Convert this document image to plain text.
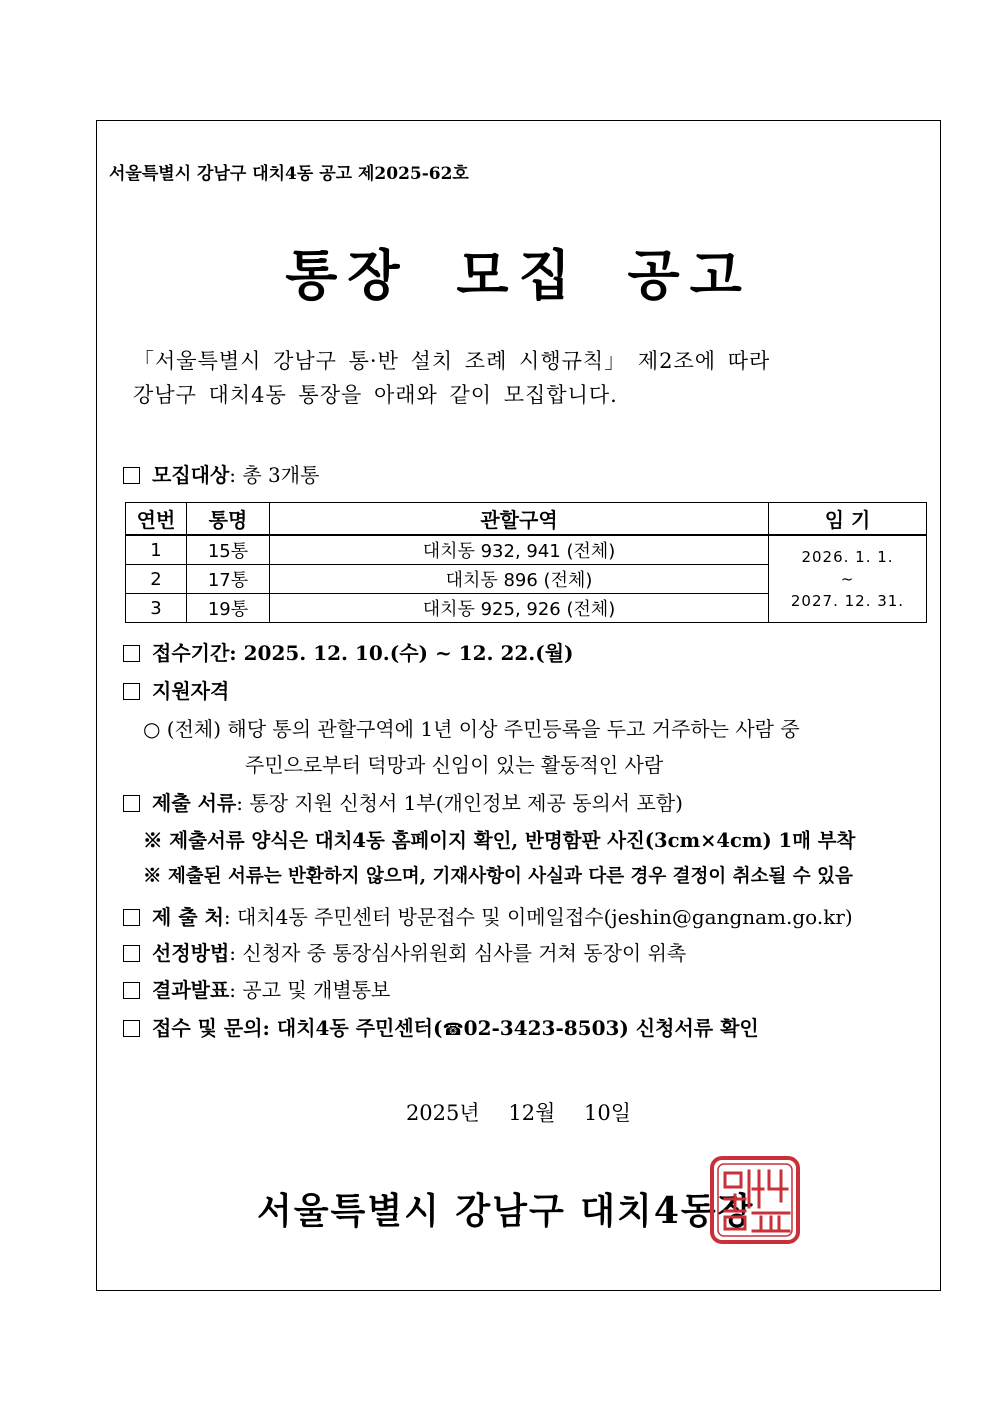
서울특별시 강남구 대치4동 공고 제2025-62호
통장 모집 공고
「서울특별시 강남구 통·반 설치 조례 시행규칙」 제2조에 따라
강남구 대치4동 통장을 아래와 같이 모집합니다.
모집대상: 총 3개통
연번	통명	관할구역	임 기
1	15통	대치동 932, 941 (전체)	2026. 1. 1.
~
2027. 12. 31.

2	17통	대치동 896 (전체)	
3	19통	대치동 925, 926 (전체)	
접수기간: 2025. 12. 10.(수) ~ 12. 22.(월)
지원자격
○ (전체) 해당 통의 관할구역에 1년 이상 주민등록을 두고 거주하는 사람 중
주민으로부터 덕망과 신임이 있는 활동적인 사람
제출 서류: 통장 지원 신청서 1부(개인정보 제공 동의서 포함)
※ 제출서류 양식은 대치4동 홈페이지 확인, 반명함판 사진(3cm×4cm) 1매 부착
※ 제출된 서류는 반환하지 않으며, 기재사항이 사실과 다른 경우 결정이 취소될 수 있음
제 출 처: 대치4동 주민센터 방문접수 및 이메일접수(jeshin@gangnam.go.kr)
선정방법: 신청자 중 통장심사위원회 심사를 거쳐 동장이 위촉
결과발표: 공고 및 개별통보
접수 및 문의: 대치4동 주민센터(☎02-3423-8503) 신청서류 확인
2025년 12월 10일
서울특별시 강남구 대치4동장
